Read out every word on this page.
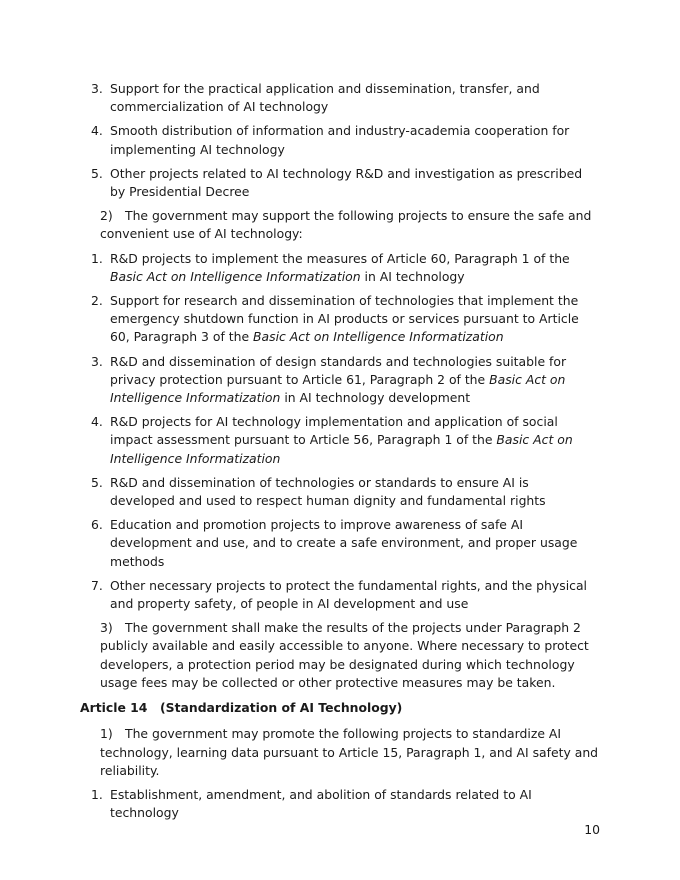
3. Support for the practical application and dissemination, transfer, and commercialization of AI technology
4. Smooth distribution of information and industry-academia cooperation for implementing AI technology
5. Other projects related to AI technology R&D and investigation as prescribed by Presidential Decree
2) The government may support the following projects to ensure the safe and convenient use of AI technology:
1. R&D projects to implement the measures of Article 60, Paragraph 1 of the Basic Act on Intelligence Informatization in AI technology
2. Support for research and dissemination of technologies that implement the emergency shutdown function in AI products or services pursuant to Article 60, Paragraph 3 of the Basic Act on Intelligence Informatization
3. R&D and dissemination of design standards and technologies suitable for privacy protection pursuant to Article 61, Paragraph 2 of the Basic Act on Intelligence Informatization in AI technology development
4. R&D projects for AI technology implementation and application of social impact assessment pursuant to Article 56, Paragraph 1 of the Basic Act on Intelligence Informatization
5. R&D and dissemination of technologies or standards to ensure AI is developed and used to respect human dignity and fundamental rights
6. Education and promotion projects to improve awareness of safe AI development and use, and to create a safe environment, and proper usage methods
7. Other necessary projects to protect the fundamental rights, and the physical and property safety, of people in AI development and use
3) The government shall make the results of the projects under Paragraph 2 publicly available and easily accessible to anyone. Where necessary to protect developers, a protection period may be designated during which technology usage fees may be collected or other protective measures may be taken.
Article 14 (Standardization of AI Technology)
1) The government may promote the following projects to standardize AI technology, learning data pursuant to Article 15, Paragraph 1, and AI safety and reliability.
1. Establishment, amendment, and abolition of standards related to AI technology
10
